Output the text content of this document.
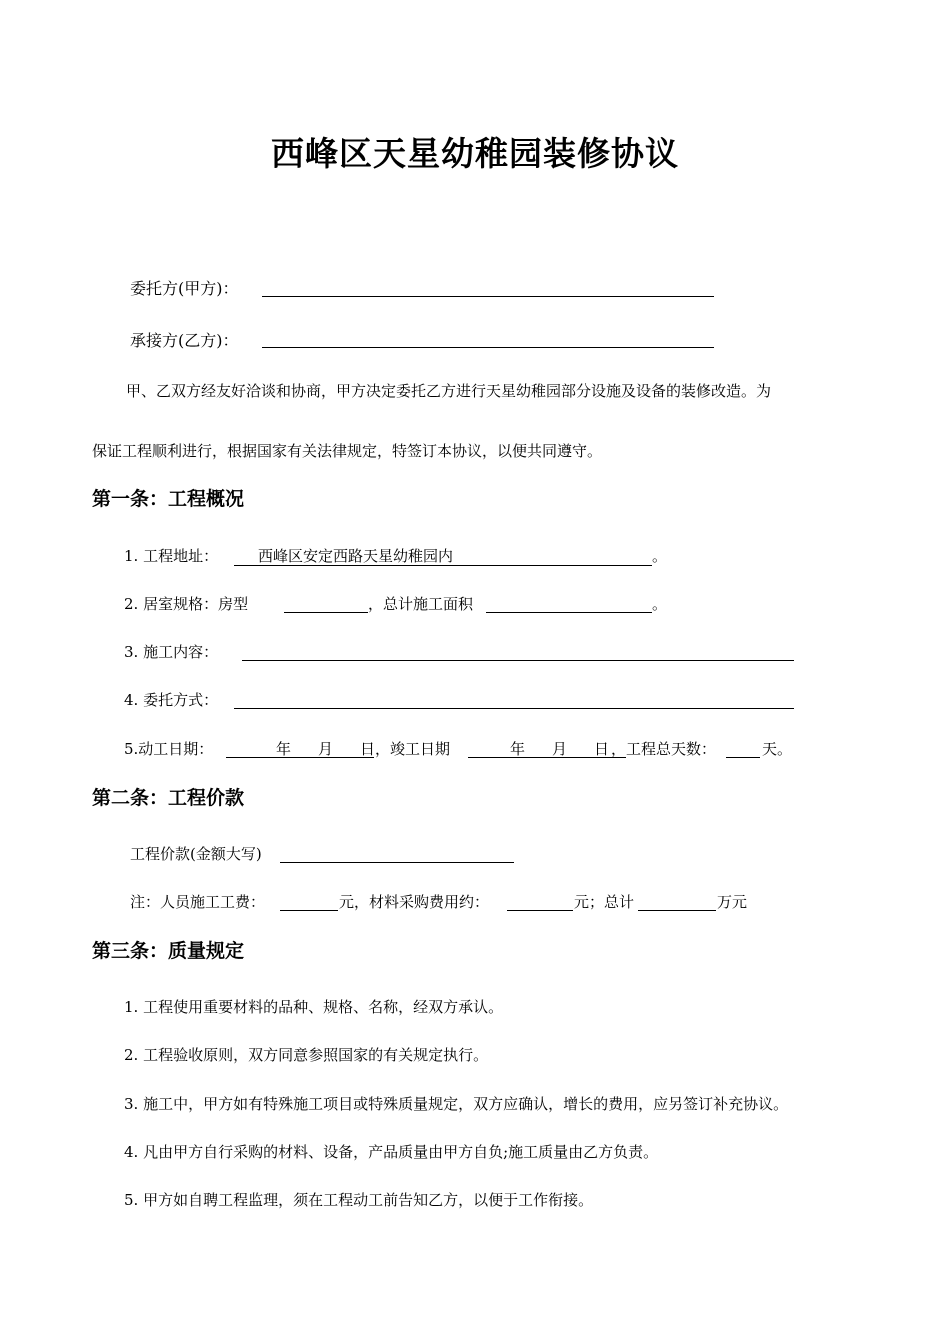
西峰区天星幼稚园装修协议
委托方(甲方)：
承接方(乙方)：
甲、乙双方经友好洽谈和协商，甲方决定委托乙方进行天星幼稚园部分设施及设备的装修改造。为
保证工程顺利进行，根据国家有关法律规定，特签订本协议，以便共同遵守。
第一条：工程概况
1. 工程地址：	西峰区安定西路天星幼稚园内	。
2. 居室规格：房型	，总计施工面积	。
3. 施工内容：
4. 委托方式：
5.动工日期：	年 月 日 ，竣工日期	年 月 日 ，工程总天数：	天。
第二条：工程价款
工程价款(金额大写)
注：人员施工工费：	元，材料采购费用约：	元；总计	万元
第三条：质量规定
1. 工程使用重要材料的品种、规格、名称，经双方承认。
2. 工程验收原则，双方同意参照国家的有关规定执行。
3. 施工中，甲方如有特殊施工项目或特殊质量规定，双方应确认，增长的费用，应另签订补充协议。
4. 凡由甲方自行采购的材料、设备，产品质量由甲方自负;施工质量由乙方负责。
5. 甲方如自聘工程监理，须在工程动工前告知乙方，以便于工作衔接。
